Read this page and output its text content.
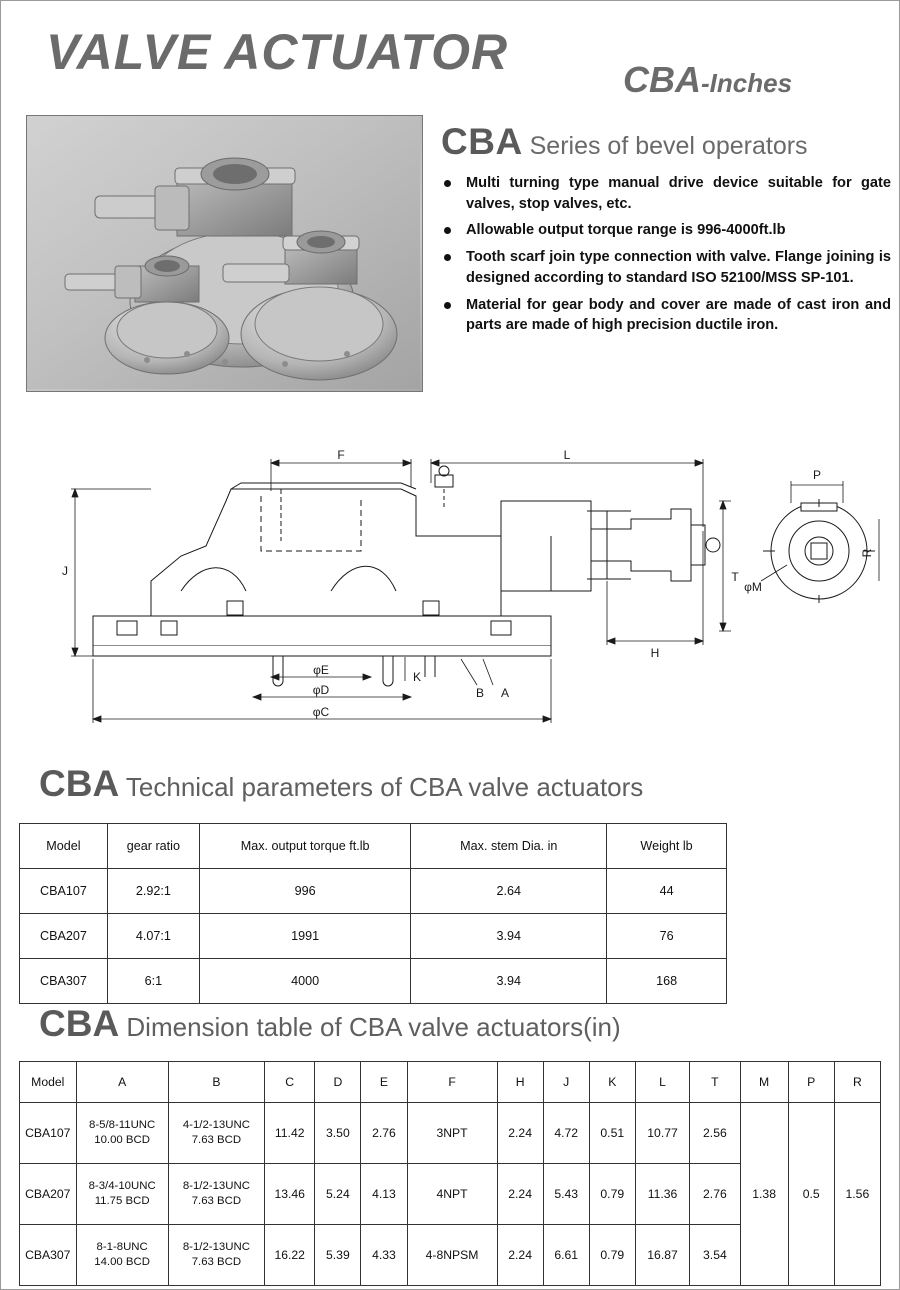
VALVE ACTUATOR	CBA-Inches
CBA Series of bevel operators
Multi turning type manual drive device suitable for gate valves, stop valves, etc.
Allowable output torque range is 996-4000ft.lb
Tooth scarf join type connection with valve. Flange joining is designed according to standard ISO 52100/MSS SP-101.
Material for gear body and cover are made of cast iron and parts are made of high precision ductile iron.
F	L
J
H
T
K
B A
φE
φD
φC
P
R
φM
CBA Technical parameters of CBA valve actuators
Model	gear ratio	Max. output torque ft.lb	Max. stem Dia. in	Weight lb
CBA107	2.92:1	996	2.64	44
CBA207	4.07:1	1991	3.94	76
CBA307	6:1	4000	3.94	168
CBA Dimension table of CBA valve actuators(in)
Model	A	B	C	D	E	F	H	J	K	L	T	M	P	R
CBA107	8-5/8-11UNC
10.00 BCD	4-1/2-13UNC
7.63 BCD	11.42	3.50	2.76	3NPT	2.24	4.72	0.51	10.77	2.56	1.38	0.5	1.56
CBA207	8-3/4-10UNC
11.75 BCD	8-1/2-13UNC
7.63 BCD	13.46	5.24	4.13	4NPT	2.24	5.43	0.79	11.36	2.76			
CBA307	8-1-8UNC
14.00 BCD	8-1/2-13UNC
7.63 BCD	16.22	5.39	4.33	4-8NPSM	2.24	6.61	0.79	16.87	3.54			
